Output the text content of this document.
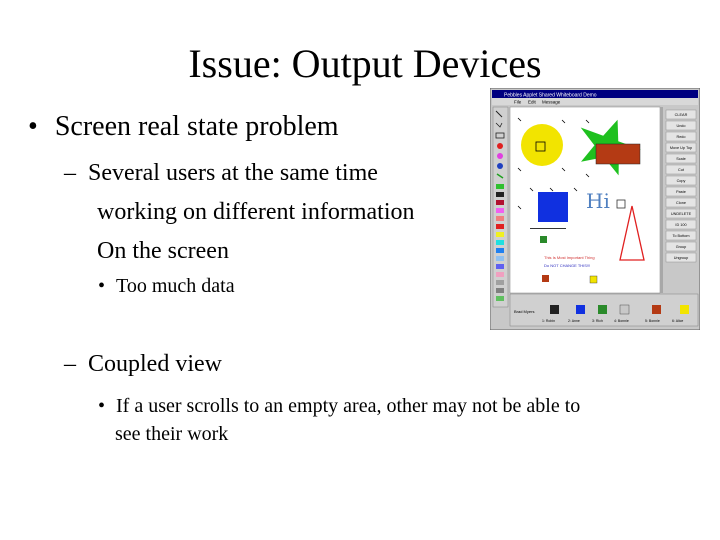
Issue: Output Devices
• Screen real state problem
– Several users at the same time
working on different information
On the screen
• Too much data
– Coupled view
• If a user scrolls to an empty area, other may not be able to
see their work
Pebbles Applet Shared Whiteboard Demo
File Edit Message
Hi
This Is Most Important Thing
Do NOT CHANGE THIS!!!
CLEAR
Undo
Redo
Move Up Top
Scale
Cut
Copy
Paste
Clone
UNDELETE
ID 100
To Bottom
Group
Ungroup
Brad Myers
1: Robin	2: Anne	3: Rich	4: Bonnie	5: Bonnie	6: Alice
